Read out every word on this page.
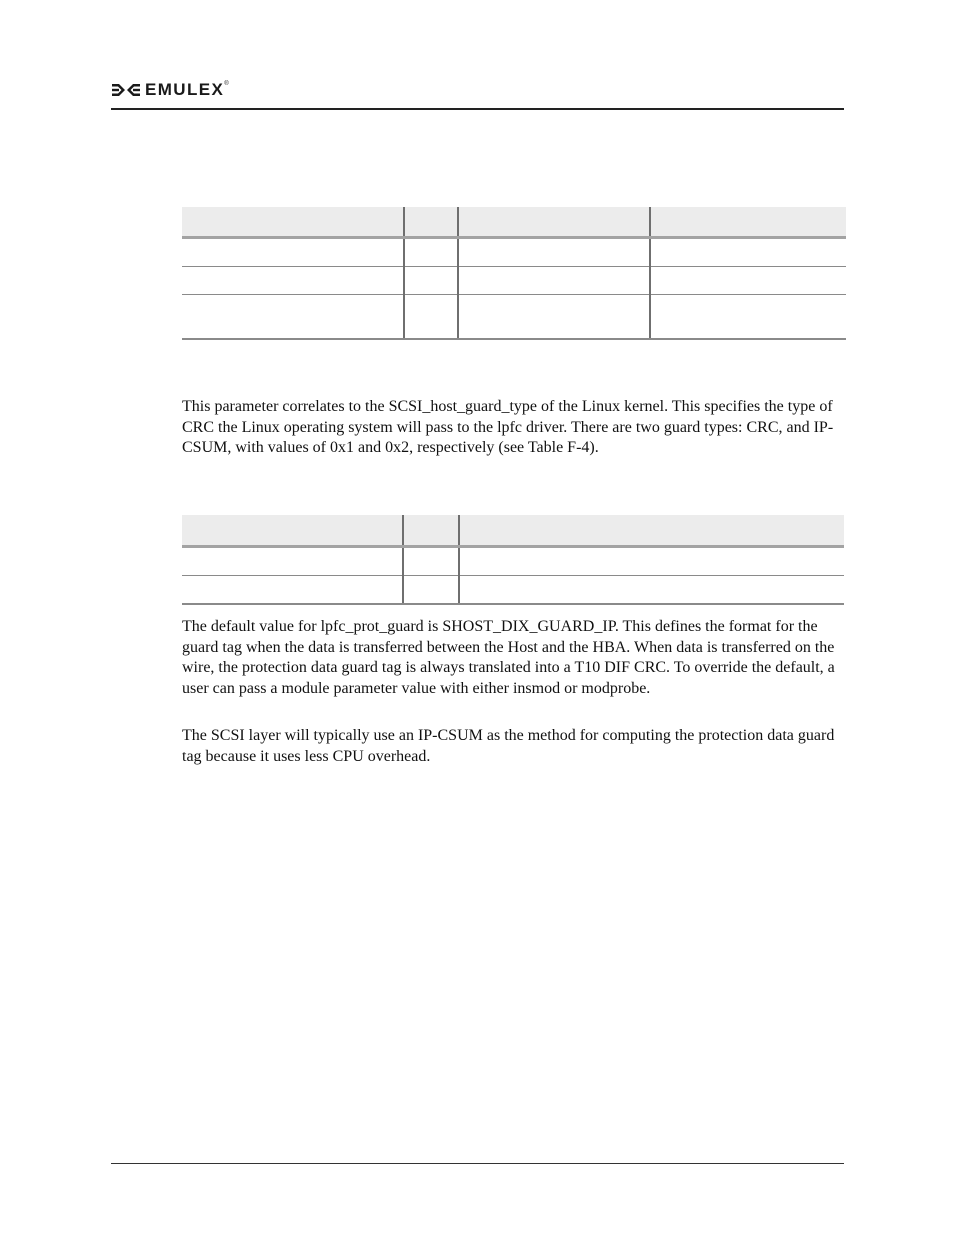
EMULEX ®

This parameter correlates to the SCSI_host_guard_type of the Linux kernel. This specifies the type of CRC the Linux operating system will pass to the lpfc driver. There are two guard types: CRC, and IP-CSUM, with values of 0x1 and 0x2, respectively (see Table F-4).

The default value for lpfc_prot_guard is SHOST_DIX_GUARD_IP. This defines the format for the guard tag when the data is transferred between the Host and the HBA. When data is transferred on the wire, the protection data guard tag is always translated into a T10 DIF CRC. To override the default, a user can pass a module parameter value with either insmod or modprobe.

The SCSI layer will typically use an IP-CSUM as the method for computing the protection data guard tag because it uses less CPU overhead.
